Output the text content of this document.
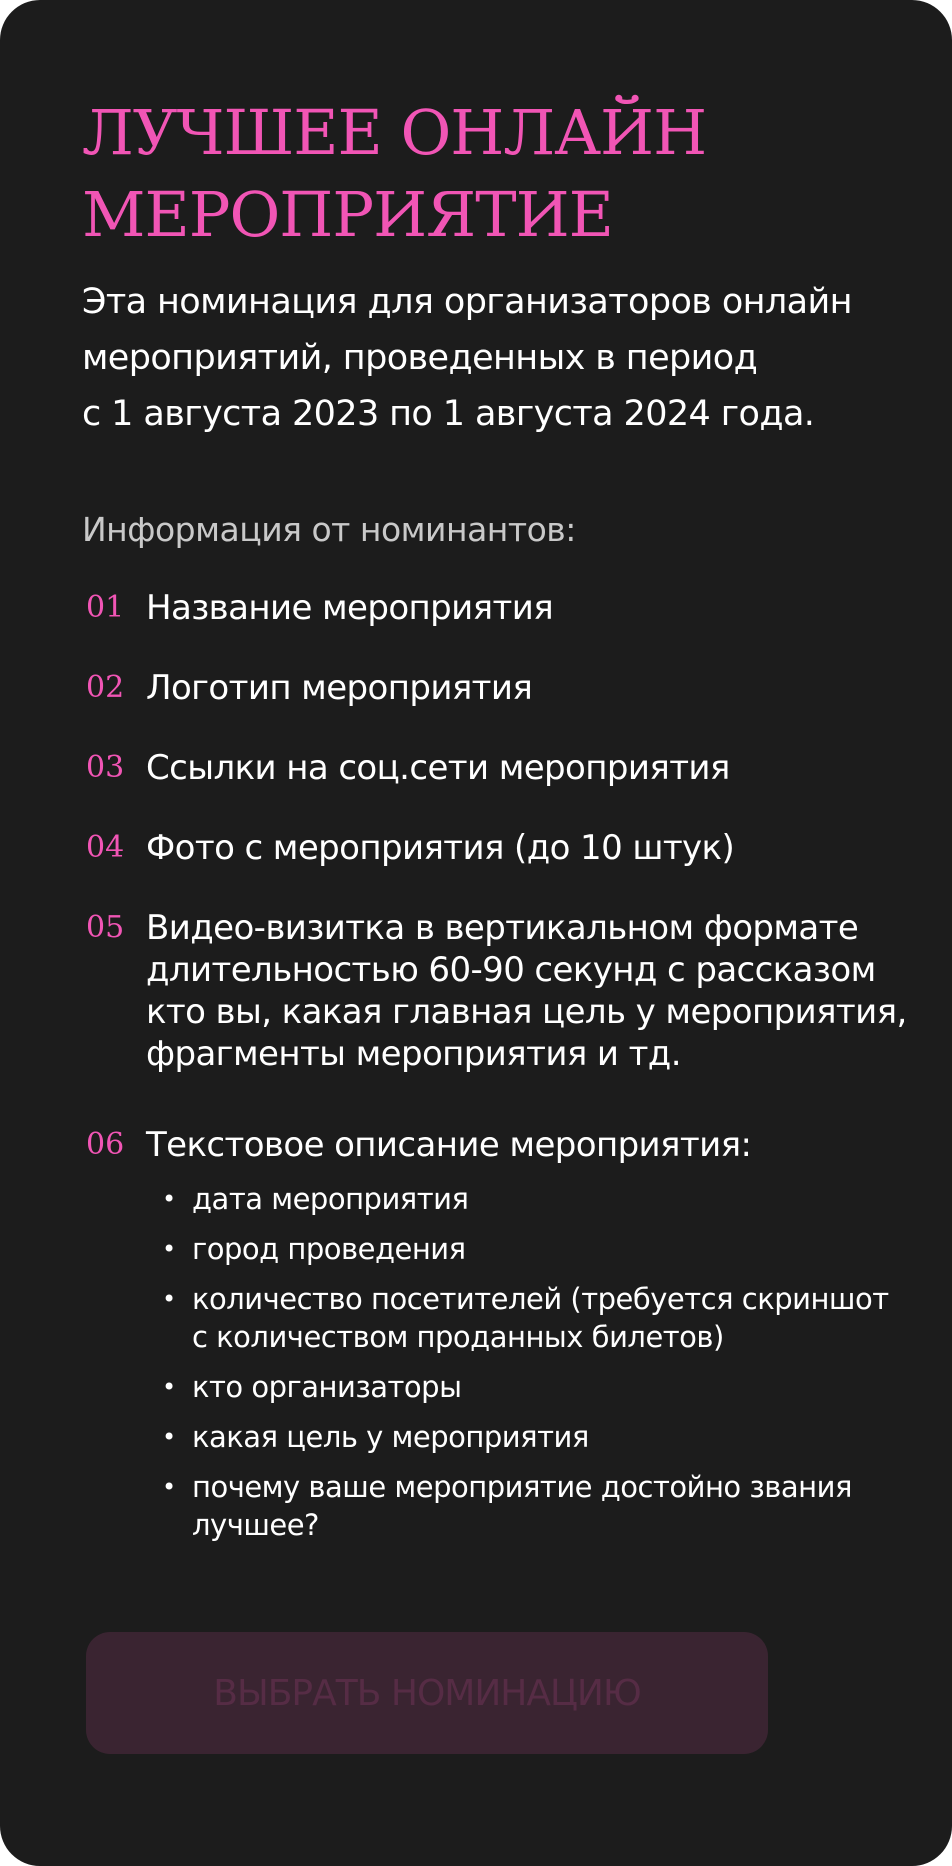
ЛУЧШЕЕ ОНЛАЙН
МЕРОПРИЯТИЕ

Эта номинация для организаторов онлайн
мероприятий, проведенных в период
с 1 августа 2023 по 1 августа 2024 года.

Информация от номинантов:

01 Название мероприятия
02 Логотип мероприятия
03 Ссылки на соц.сети мероприятия
04 Фото с мероприятия (до 10 штук)
05 Видео-визитка в вертикальном формате
длительностью 60-90 секунд с рассказом
кто вы, какая главная цель у мероприятия,
фрагменты мероприятия и тд.
06 Текстовое описание мероприятия:
• дата мероприятия
• город проведения
• количество посетителей (требуется скриншот
с количеством проданных билетов)
• кто организаторы
• какая цель у мероприятия
• почему ваше мероприятие достойно звания
лучшее?
ВЫБРАТЬ НОМИНАЦИЮ
